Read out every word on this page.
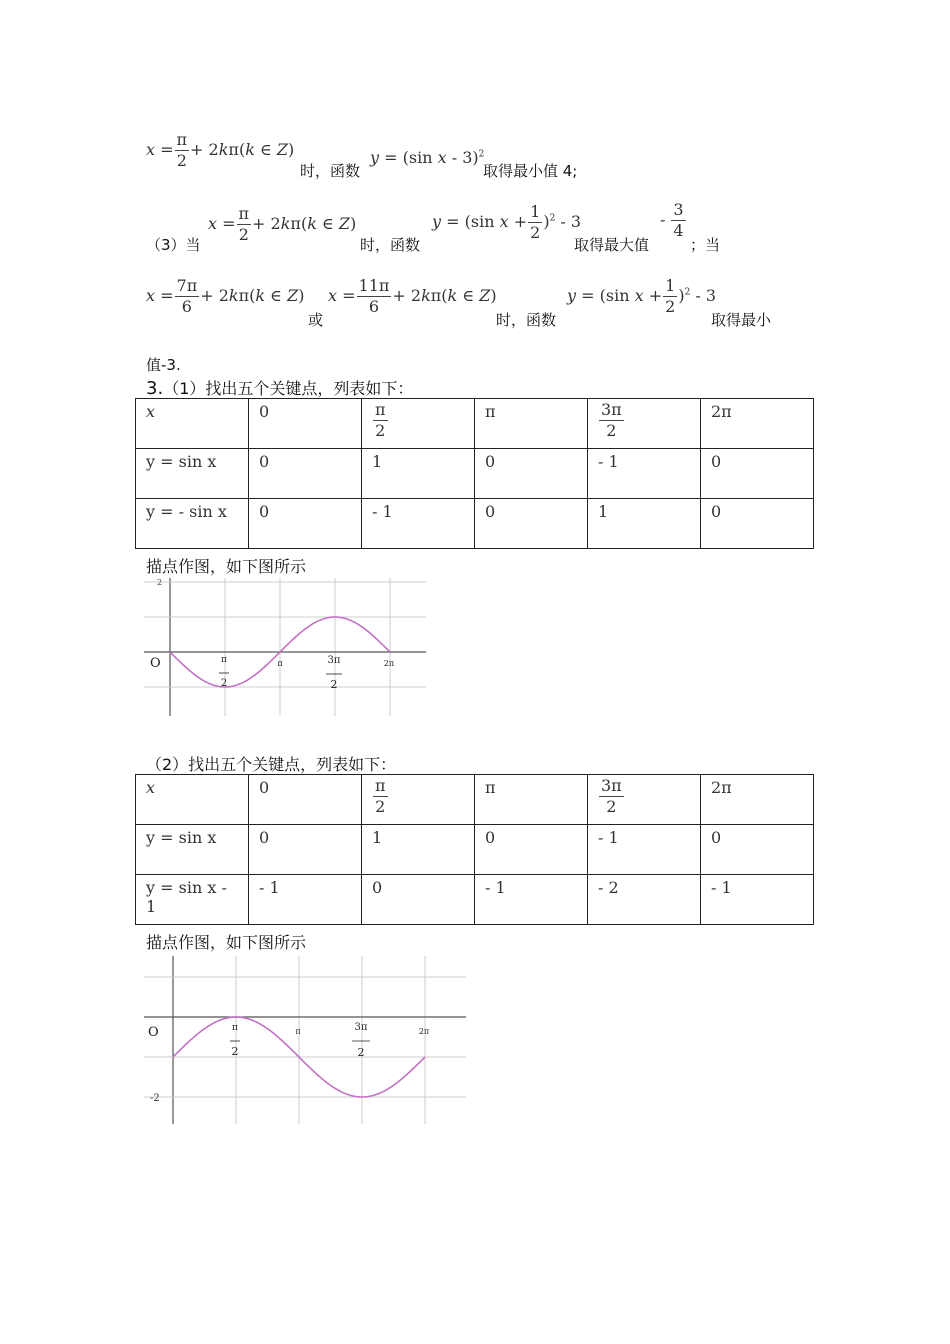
$x = \frac{\pi}{2} + 2k\pi(k$ ∈ Z)
时，函数
y = (sin x - 3)$^2$
取得最小值 4;
（3）当
$x = \frac{\pi}{2} + 2k\pi(k$ ∈ Z)
时，函数
y = (sin $x + \frac{1}{2} )^2 - 3$
取得最大值
- $\frac{3}{4}$
；当
$x = \frac{7\pi}{6} + 2k\pi(k$ ∈ Z)
或
$x = \frac{11\pi}{6} + 2k\pi(k$ ∈ Z)
时，函数
y = (sin $x + \frac{1}{2} )^2 - 3$
取得最小
值-3.
3.（1）找出五个关键点，列表如下：
x	0	$\frac{\pi}{2}$	π	$\frac{3\pi}{2}$	2π
y = sin x	0	1	0	- 1	0
y = - sin x	0	- 1	0	1	0
描点作图，如下图所示
O
2
π
2
π	3π
2
2π
（2）找出五个关键点，列表如下：
x	0	$\frac{\pi}{2}$	π	$\frac{3\pi}{2}$	2π
y = sin x	0	1	0	- 1	0
y = sin x - 1	- 1	0	- 1	- 2	- 1
描点作图，如下图所示
O
-2
π
2
π	3π
2
2π
